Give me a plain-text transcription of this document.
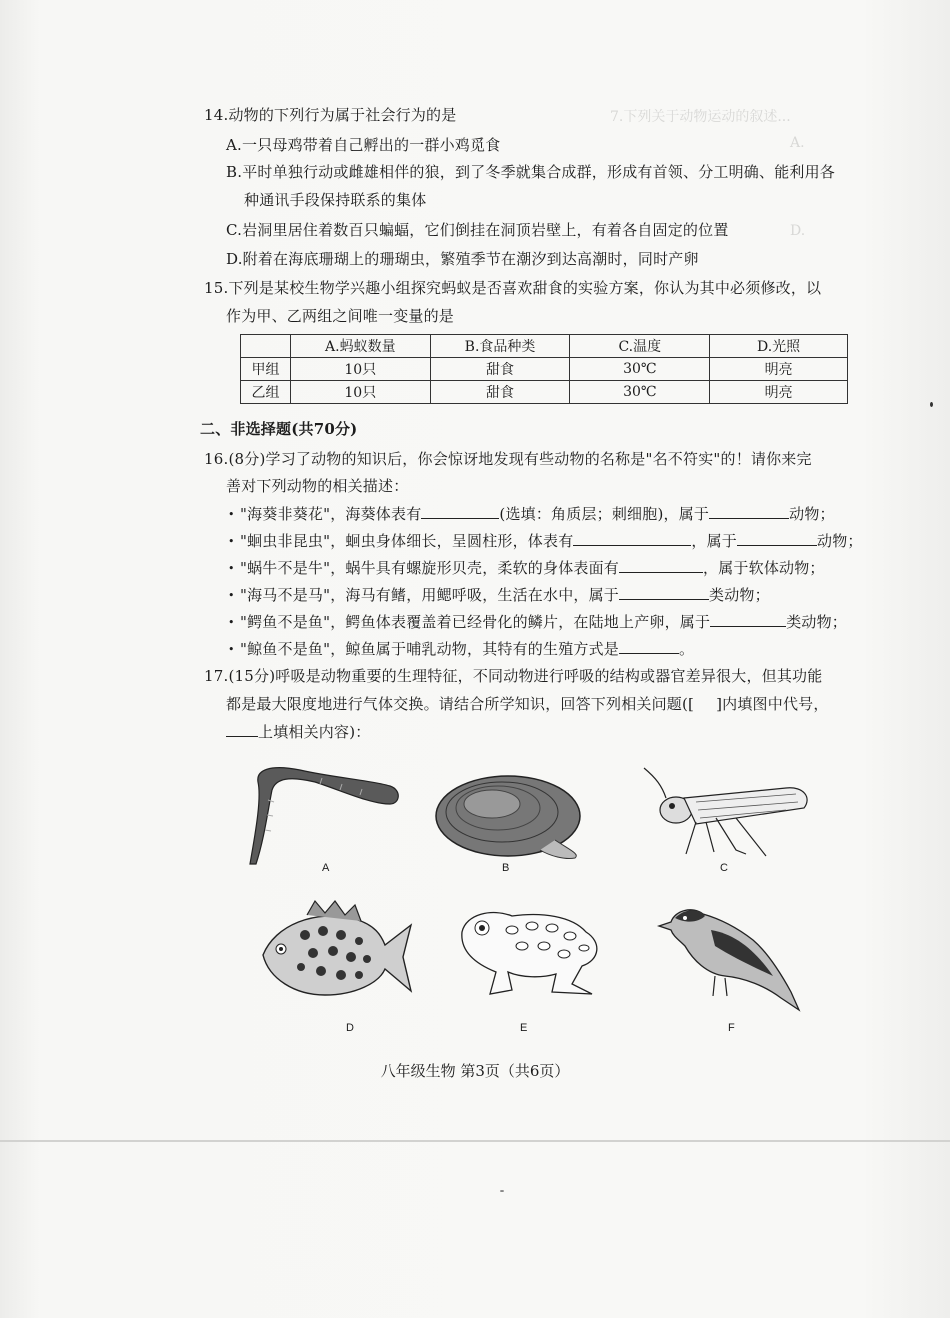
7.下列关于动物运动的叙述...
A.
D.
14.动物的下列行为属于社会行为的是
A.一只母鸡带着自己孵出的一群小鸡觅食
B.平时单独行动或雌雄相伴的狼，到了冬季就集合成群，形成有首领、分工明确、能利用各
种通讯手段保持联系的集体
C.岩洞里居住着数百只蝙蝠，它们倒挂在洞顶岩壁上，有着各自固定的位置
D.附着在海底珊瑚上的珊瑚虫，繁殖季节在潮汐到达高潮时，同时产卵
15.下列是某校生物学兴趣小组探究蚂蚁是否喜欢甜食的实验方案，你认为其中必须修改，以
作为甲、乙两组之间唯一变量的是
	A.蚂蚁数量	B.食品种类	C.温度	D.光照
甲组	10只	甜食	30℃	明亮
乙组	10只	甜食	30℃	明亮
二、非选择题(共70分)
16.(8分)学习了动物的知识后，你会惊讶地发现有些动物的名称是"名不符实"的！请你来完
善对下列动物的相关描述：
• "海葵非葵花"，海葵体表有	(选填：角质层；刺细胞)，属于	动物；
• "蛔虫非昆虫"，蛔虫身体细长，呈圆柱形，体表有	，属于	动物；
• "蜗牛不是牛"，蜗牛具有螺旋形贝壳，柔软的身体表面有	，属于软体动物；
• "海马不是马"，海马有鳍，用鳃呼吸，生活在水中，属于	类动物；
• "鳄鱼不是鱼"，鳄鱼体表覆盖着已经骨化的鳞片，在陆地上产卵，属于	类动物；
• "鲸鱼不是鱼"，鲸鱼属于哺乳动物，其特有的生殖方式是	。
17.(15分)呼吸是动物重要的生理特征，不同动物进行呼吸的结构或器官差异很大，但其功能
都是最大限度地进行气体交换。请结合所学知识，回答下列相关问题([ ]内填图中代号，
上填相关内容)：
A	B	C
D	E	F
八年级生物 第3页（共6页）
